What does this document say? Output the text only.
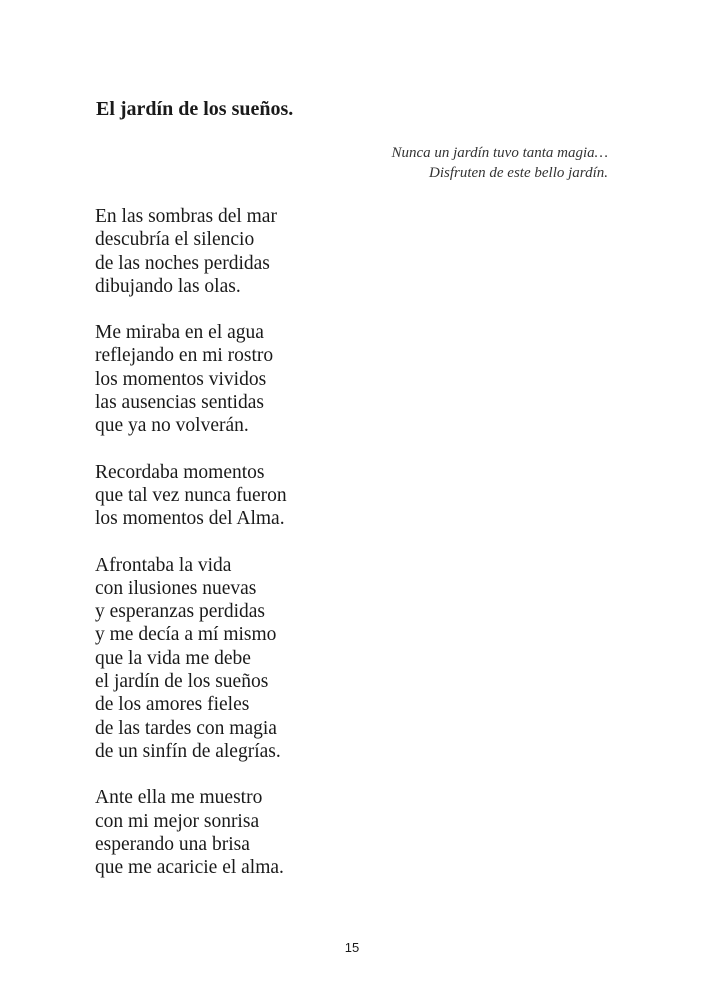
El jardín de los sueños.
Nunca un jardín tuvo tanta magia…
Disfruten de este bello jardín.
En las sombras del mar
descubría el silencio
de las noches perdidas
dibujando las olas.
Me miraba en el agua
reflejando en mi rostro
los momentos vividos
las ausencias sentidas
que ya no volverán.
Recordaba momentos
que tal vez nunca fueron
los momentos del Alma.
Afrontaba la vida
con ilusiones nuevas
y esperanzas perdidas
y me decía a mí mismo
que la vida me debe
el jardín de los sueños
de los amores fieles
de las tardes con magia
de un sinfín de alegrías.
Ante ella me muestro
con mi mejor sonrisa
esperando una brisa
que me acaricie el alma.
15
